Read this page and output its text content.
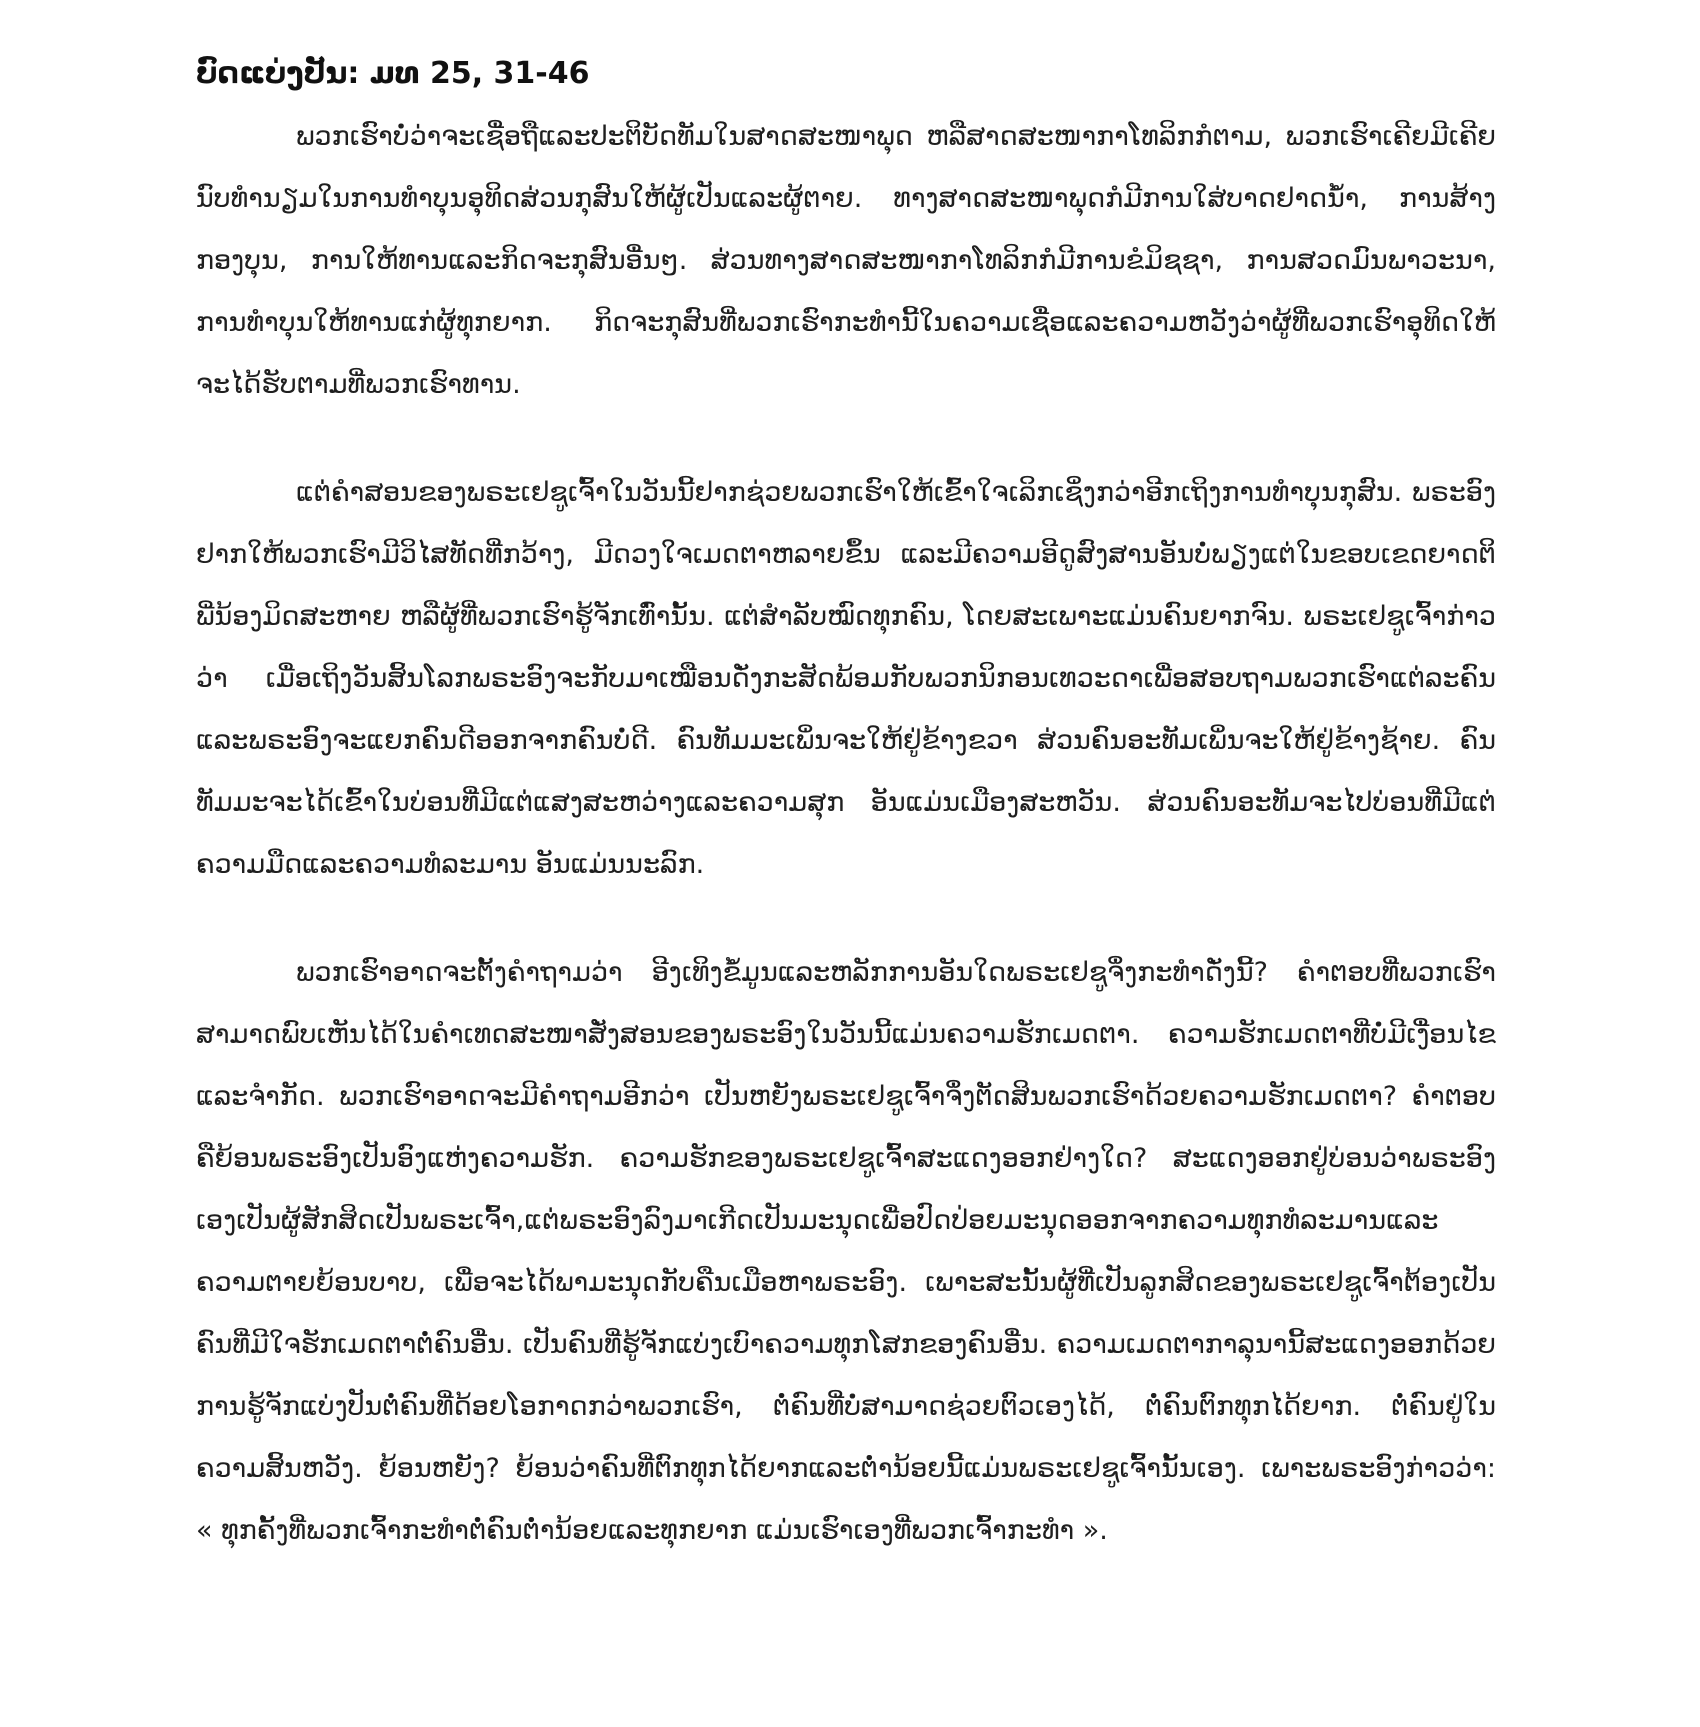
ບົດແບ່ງປັນ: ມທ 25, 31-46

ພວກເຮົາບໍ່ວ່າຈະເຊື່ອຖືແລະປະຕິບັດທັມໃນສາດສະໜາພຸດ ຫລືສາດສະໜາກາໂທລິກກໍຕາມ, ພວກເຮົາເຄີຍມີເຄີຍນົບທຳນຽມໃນການທຳບຸນອຸທິດສ່ວນກຸສົນໃຫ້ຜູ້ເປັນແລະຜູ້ຕາຍ. ທາງສາດສະໜາພຸດກໍມີການໃສ່ບາດຢາດນ້ຳ, ການສ້າງກອງບຸນ, ການໃຫ້ທານແລະກິດຈະກຸສົນອື່ນໆ. ສ່ວນທາງສາດສະໜາກາໂທລິກກໍມີການຂໍມິຊຊາ, ການສວດມົນພາວະນາ, ການທຳບຸນໃຫ້ທານແກ່ຜູ້ທຸກຍາກ. ກິດຈະກຸສົນທີ່ພວກເຮົາກະທຳນີ້ໃນຄວາມເຊື່ອແລະຄວາມຫວັງວ່າຜູ້ທີ່ພວກເຮົາອຸທິດໃຫ້ຈະໄດ້ຮັບຕາມທີ່ພວກເຮົາທານ.

ແຕ່ຄຳສອນຂອງພຣະເຢຊູເຈົ້າໃນວັນນີ້ຢາກຊ່ວຍພວກເຮົາໃຫ້ເຂົ້າໃຈເລິກເຊິ່ງກວ່າອີກເຖິງການທຳບຸນກຸສົນ. ພຣະອົງຢາກໃຫ້ພວກເຮົາມີວິໄສທັດທີ່ກວ້າງ, ມີດວງໃຈເມດຕາຫລາຍຂຶ້ນ ແລະມີຄວາມອີດູສົງສານອັນບໍ່ພຽງແຕ່ໃນຂອບເຂດຍາດຕິພີ່ນ້ອງມິດສະຫາຍ ຫລືຜູ້ທີ່ພວກເຮົາຮູ້ຈັກເທົ່ານັ້ນ. ແຕ່ສຳລັບໝົດທຸກຄົນ, ໂດຍສະເພາະແມ່ນຄົນຍາກຈົນ. ພຣະເຢຊູເຈົ້າກ່າວວ່າ ເມື່ອເຖິງວັນສິ້ນໂລກພຣະອົງຈະກັບມາເໝືອນດັ່ງກະສັດພ້ອມກັບພວກນິກອນເທວະດາເພື່ອສອບຖາມພວກເຮົາແຕ່ລະຄົນ ແລະພຣະອົງຈະແຍກຄົນດີອອກຈາກຄົນບໍ່ດີ. ຄົນທັມມະເພິ່ນຈະໃຫ້ຢູ່ຂ້າງຂວາ ສ່ວນຄົນອະທັມເພິ່ນຈະໃຫ້ຢູ່ຂ້າງຊ້າຍ. ຄົນທັມມະຈະໄດ້ເຂົ້າໃນບ່ອນທີ່ມີແຕ່ແສງສະຫວ່າງແລະຄວາມສຸກ ອັນແມ່ນເມືອງສະຫວັນ. ສ່ວນຄົນອະທັມຈະໄປບ່ອນທີ່ມີແຕ່ຄວາມມືດແລະຄວາມທໍລະມານ ອັນແມ່ນນະລົກ.

ພວກເຮົາອາດຈະຕັ້ງຄຳຖາມວ່າ ອີງເທິງຂໍ້ມູນແລະຫລັກການອັນໃດພຣະເຢຊູຈຶ່ງກະທຳດັ່ງນີ້? ຄຳຕອບທີ່ພວກເຮົາສາມາດພົບເຫັນໄດ້ໃນຄຳເທດສະໜາສັ່ງສອນຂອງພຣະອົງໃນວັນນີ້ແມ່ນຄວາມຮັກເມດຕາ. ຄວາມຮັກເມດຕາທີ່ບໍ່ມີເງື່ອນໄຂແລະຈຳກັດ. ພວກເຮົາອາດຈະມີຄຳຖາມອີກວ່າ ເປັນຫຍັງພຣະເຢຊູເຈົ້າຈຶ່ງຕັດສິນພວກເຮົາດ້ວຍຄວາມຮັກເມດຕາ? ຄຳຕອບຄືຍ້ອນພຣະອົງເປັນອົງແຫ່ງຄວາມຮັກ. ຄວາມຮັກຂອງພຣະເຢຊູເຈົ້າສະແດງອອກຢ່າງໃດ? ສະແດງອອກຢູ່ບ່ອນວ່າພຣະອົງເອງເປັນຜູ້ສັກສິດເປັນພຣະເຈົ້າ,ແຕ່ພຣະອົງລົງມາເກີດເປັນມະນຸດເພື່ອປົດປ່ອຍມະນຸດອອກຈາກຄວາມທຸກທໍລະມານແລະຄວາມຕາຍຍ້ອນບາບ, ເພື່ອຈະໄດ້ພາມະນຸດກັບຄືນເມືອຫາພຣະອົງ. ເພາະສະນັ້ນຜູ້ທີ່ເປັນລູກສິດຂອງພຣະເຢຊູເຈົ້າຕ້ອງເປັນຄົນທີ່ມີໃຈຮັກເມດຕາຕໍ່ຄົນອື່ນ. ເປັນຄົນທີ່ຮູ້ຈັກແບ່ງເບົາຄວາມທຸກໂສກຂອງຄົນອື່ນ. ຄວາມເມດຕາກາລຸນານີ້ສະແດງອອກດ້ວຍການຮູ້ຈັກແບ່ງປັນຕໍ່ຄົນທີ່ດ້ອຍໂອກາດກວ່າພວກເຮົາ, ຕໍ່ຄົນທີ່ບໍ່ສາມາດຊ່ວຍຕົວເອງໄດ້, ຕໍ່ຄົນຕົກທຸກໄດ້ຍາກ. ຕໍ່ຄົນຢູ່ໃນຄວາມສິ້ນຫວັງ. ຍ້ອນຫຍັງ? ຍ້ອນວ່າຄົນທີ່ຕົກທຸກໄດ້ຍາກແລະຕໍ່ານ້ອຍນີ້ແມ່ນພຣະເຢຊູເຈົ້ານັ້ນເອງ. ເພາະພຣະອົງກ່າວວ່າ: « ທຸກຄັ້ງທີ່ພວກເຈົ້າກະທຳຕໍ່ຄົນຕໍ່ານ້ອຍແລະທຸກຍາກ ແມ່ນເຮົາເອງທີ່ພວກເຈົ້າກະທຳ ».
